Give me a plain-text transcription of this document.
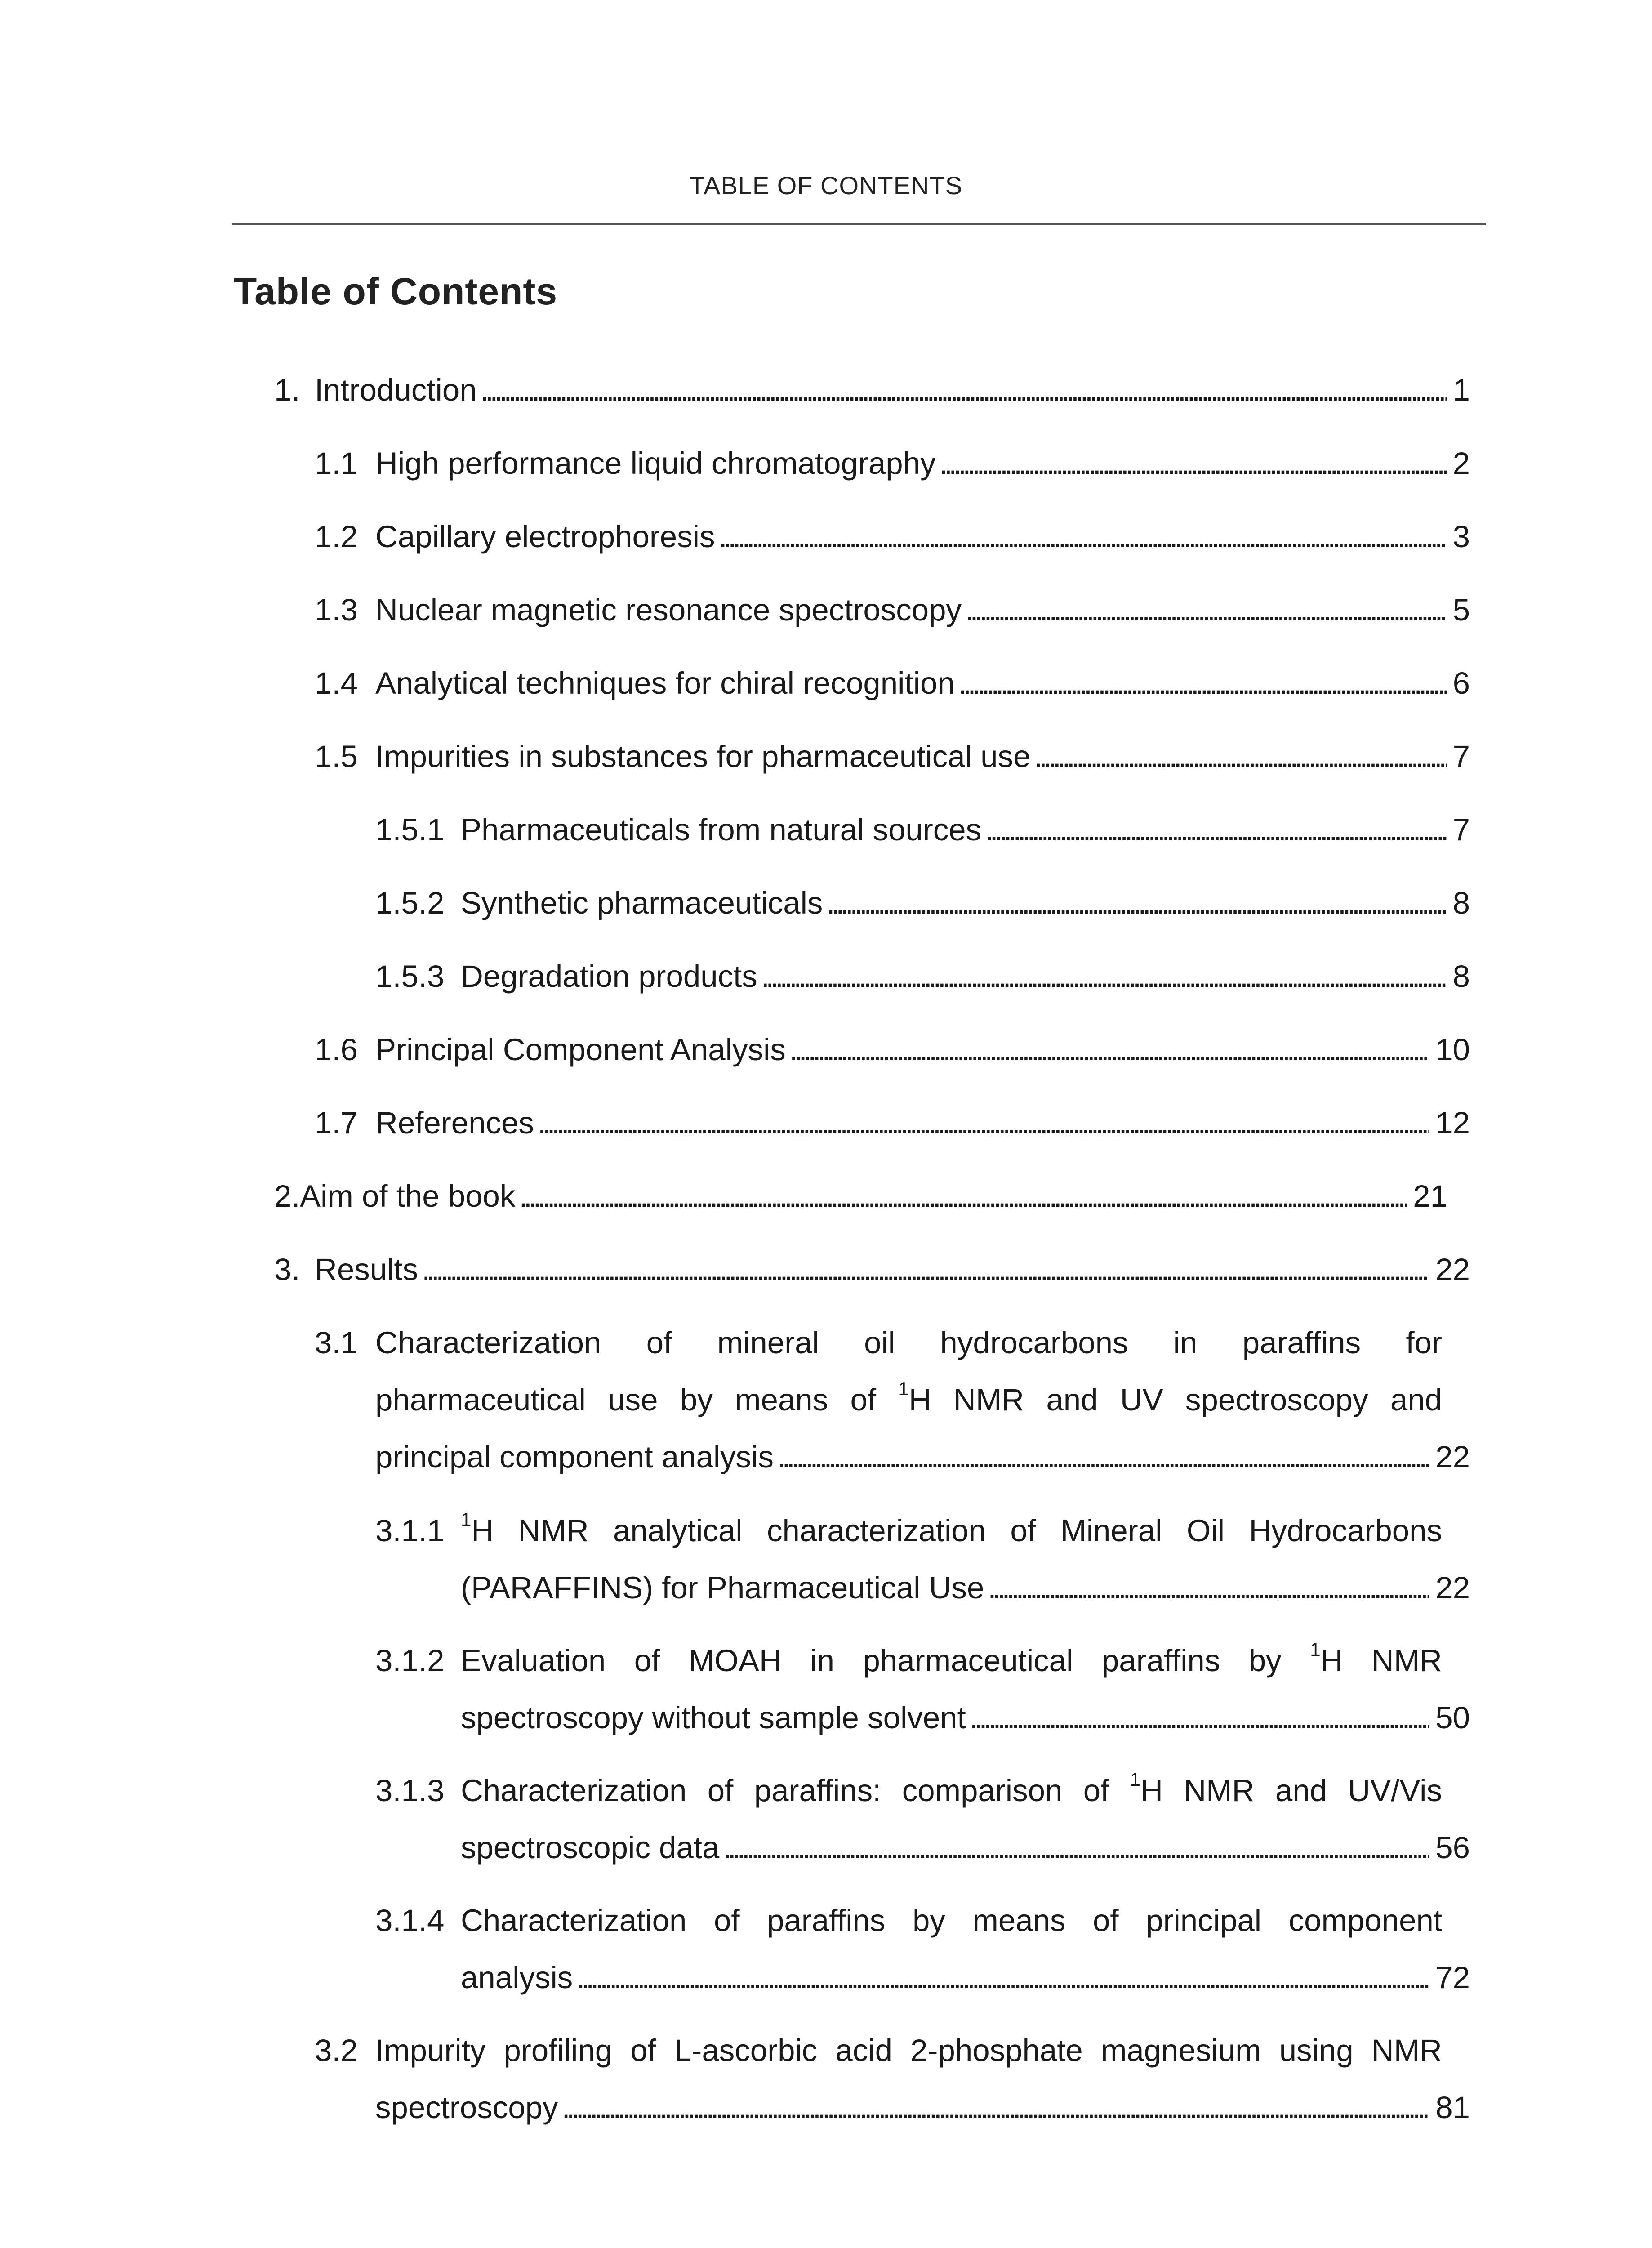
TABLE OF CONTENTS
Table of Contents
1. Introduction . . .	1
1.1 High performance liquid chromatography . . .	2
1.2 Capillary electrophoresis . . .	3
1.3 Nuclear magnetic resonance spectroscopy . . .	5
1.4 Analytical techniques for chiral recognition . . .	6
1.5 Impurities in substances for pharmaceutical use . . .	7
1.5.1 Pharmaceuticals from natural sources . . .	7
1.5.2 Synthetic pharmaceuticals . . .	8
1.5.3 Degradation products . . .	8
1.6 Principal Component Analysis . . .	10
1.7 References . . .	12
2. Aim of the book . . .	21
3. Results . . .	22
3.1 Characterization of mineral oil hydrocarbons in paraffins for
pharmaceutical use by means of $^1$H NMR and UV spectroscopy and
principal component analysis . . .	22
3.1.1 $^1$H NMR analytical characterization of Mineral Oil Hydrocarbons
(PARAFFINS) for Pharmaceutical Use . . .	22
3.1.2 Evaluation of MOAH in pharmaceutical paraffins by $^1$H NMR
spectroscopy without sample solvent . . .	50
3.1.3 Characterization of paraffins: comparison of $^1$H NMR and UV/Vis
spectroscopic data . . .	56
3.1.4 Characterization of paraffins by means of principal component
analysis . . .	72
3.2 Impurity profiling of L-ascorbic acid 2-phosphate magnesium using NMR
spectroscopy . . .	81
